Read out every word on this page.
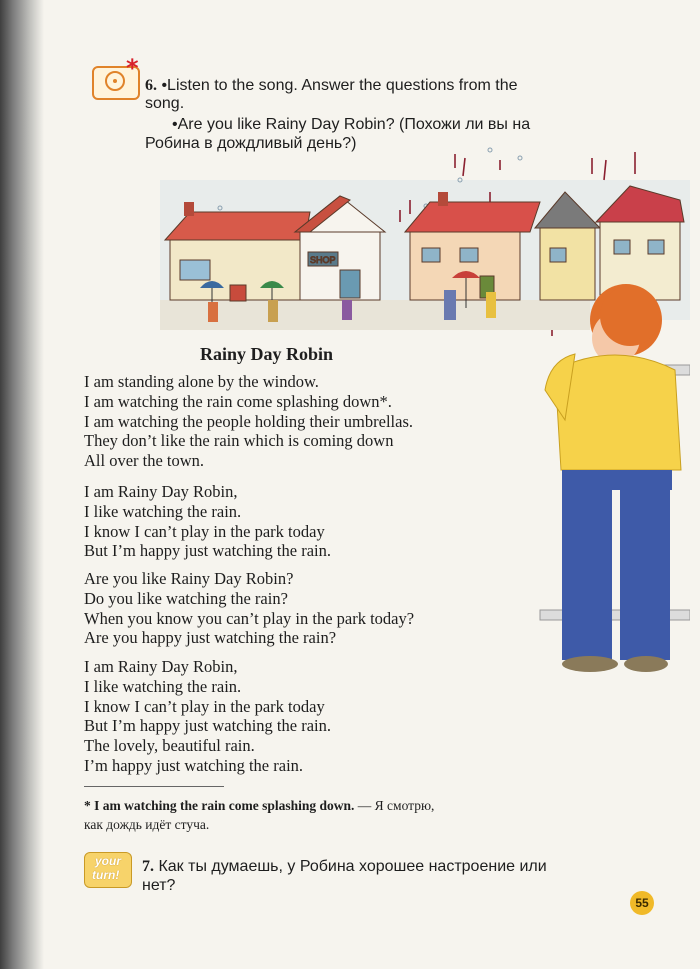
*
6. •Listen to the song. Answer the questions from the
song.
•Are you like Rainy Day Robin? (Похожи ли вы на
Робина в дождливый день?)
SHOP
Rainy Day Robin
I am standing alone by the window.
I am watching the rain come splashing down*.
I am watching the people holding their umbrellas.
They don’t like the rain which is coming down
All over the town.
I am Rainy Day Robin,
I like watching the rain.
I know I can’t play in the park today
But I’m happy just watching the rain.
Are you like Rainy Day Robin?
Do you like watching the rain?
When you know you can’t play in the park today?
Are you happy just watching the rain?
I am Rainy Day Robin,
I like watching the rain.
I know I can’t play in the park today
But I’m happy just watching the rain.
The lovely, beautiful rain.
I’m happy just watching the rain.
* I am watching the rain come splashing down. — Я смотрю,
как дождь идёт стуча.
your
turn! 7. Как ты думаешь, у Робина хорошее настроение или
нет?
55
